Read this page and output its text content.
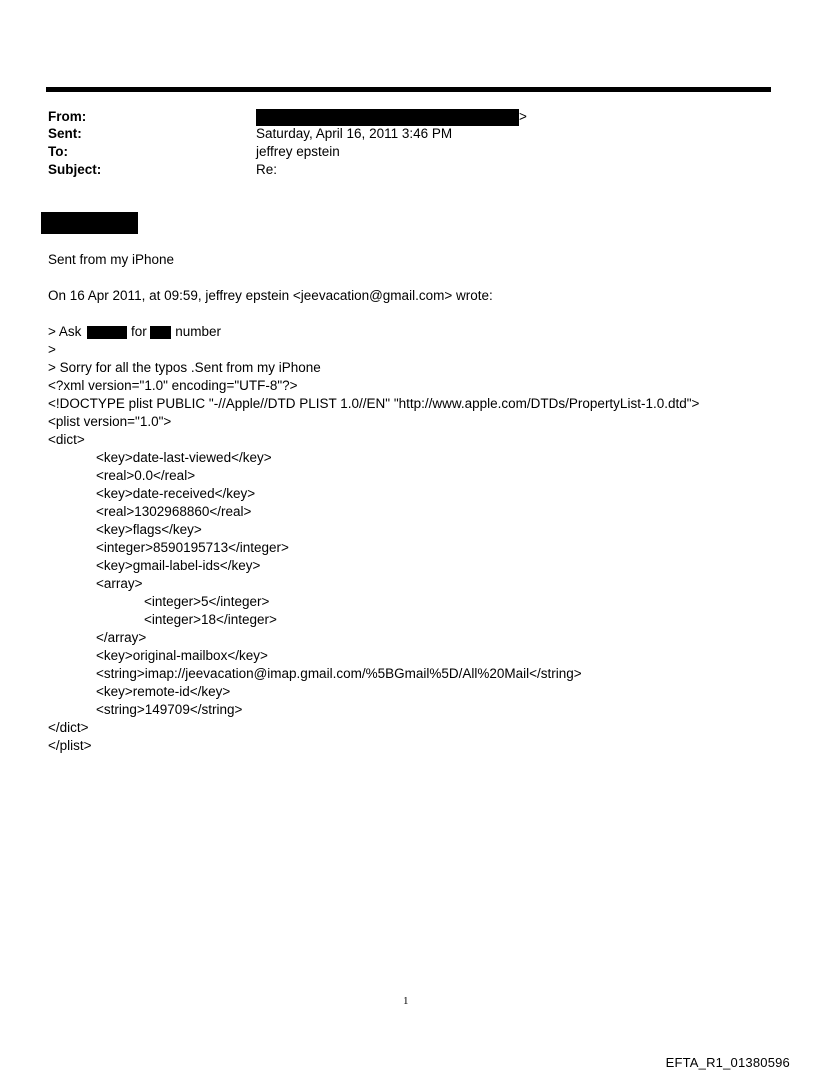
From:	>
Sent:	Saturday, April 16, 2011 3:46 PM
To:	jeffrey epstein
Subject:	Re:
Sent from my iPhone
On 16 Apr 2011, at 09:59, jeffrey epstein <jeevacation@gmail.com> wrote:
> Ask	for number
>
> Sorry for all the typos .Sent from my iPhone
<?xml version="1.0" encoding="UTF-8"?>
<!DOCTYPE plist PUBLIC "-//Apple//DTD PLIST 1.0//EN" "http://www.apple.com/DTDs/PropertyList-1.0.dtd">
<plist version="1.0">
<dict>
<key>date-last-viewed</key>
<real>0.0</real>
<key>date-received</key>
<real>1302968860</real>
<key>flags</key>
<integer>8590195713</integer>
<key>gmail-label-ids</key>
<array>
<integer>5</integer>
<integer>18</integer>
</array>
<key>original-mailbox</key>
<string>imap://jeevacation@imap.gmail.com/%5BGmail%5D/All%20Mail</string>
<key>remote-id</key>
<string>149709</string>
</dict>
</plist>
1
EFTA_R1_01380596
